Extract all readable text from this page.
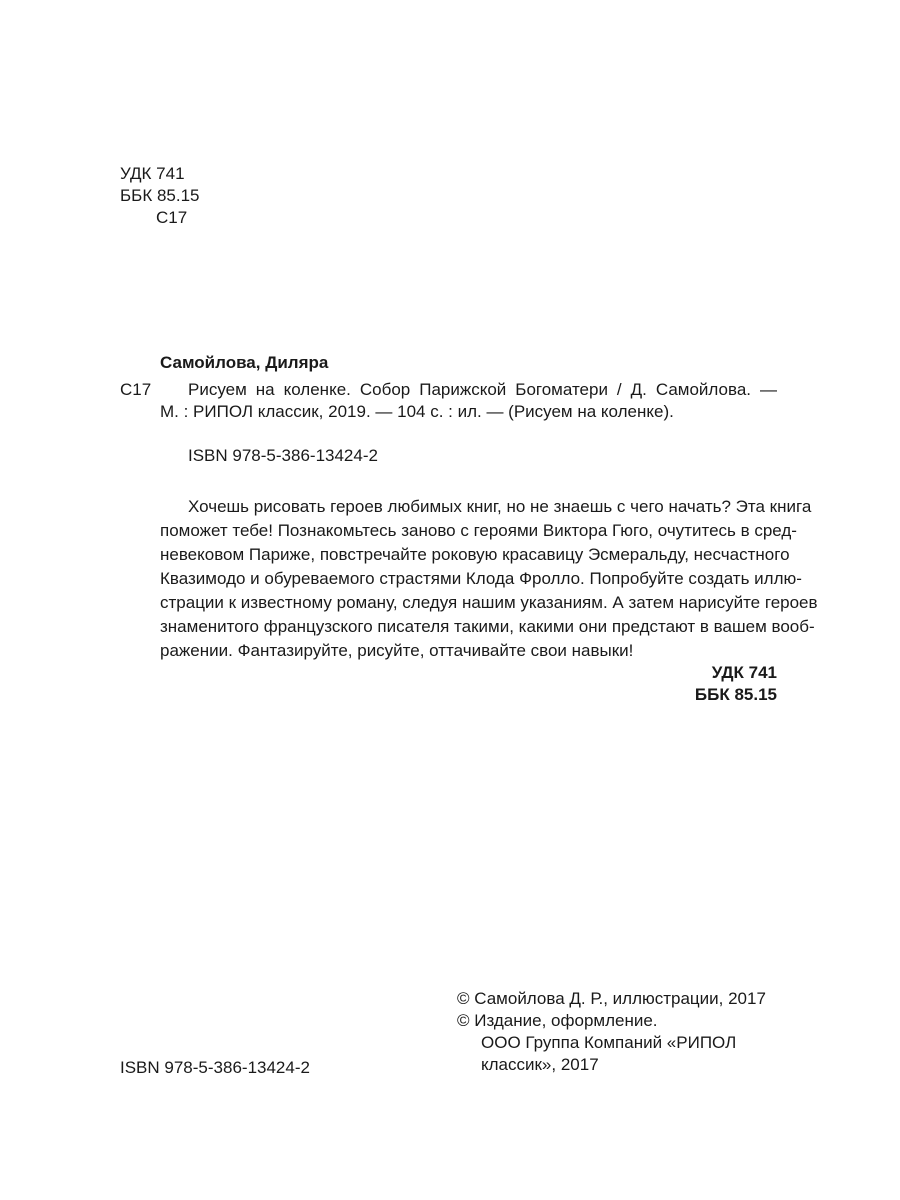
УДК 741
ББК 85.15
С17
Самойлова, Диляра
С17	Рисуем на коленке. Собор Парижской Богоматери / Д. Самойлова. —
М. : РИПОЛ классик, 2019. — 104 с. : ил. — (Рисуем на коленке).
ISBN 978-5-386-13424-2
Хочешь рисовать героев любимых книг, но не знаешь с чего начать? Эта книга
поможет тебе! Познакомьтесь заново с героями Виктора Гюго, очутитесь в сред-
невековом Париже, повстречайте роковую красавицу Эсмеральду, несчастного
Квазимодо и обуреваемого страстями Клода Фролло. Попробуйте создать иллю-
страции к известному роману, следуя нашим указаниям. А затем нарисуйте героев
знаменитого французского писателя такими, какими они предстают в вашем вооб-
ражении. Фантазируйте, рисуйте, оттачивайте свои навыки!
УДК 741
ББК 85.15
© Самойлова Д. Р., иллюстрации, 2017
© Издание, оформление.
ООО Группа Компаний «РИПОЛ
классик», 2017
ISBN 978-5-386-13424-2
